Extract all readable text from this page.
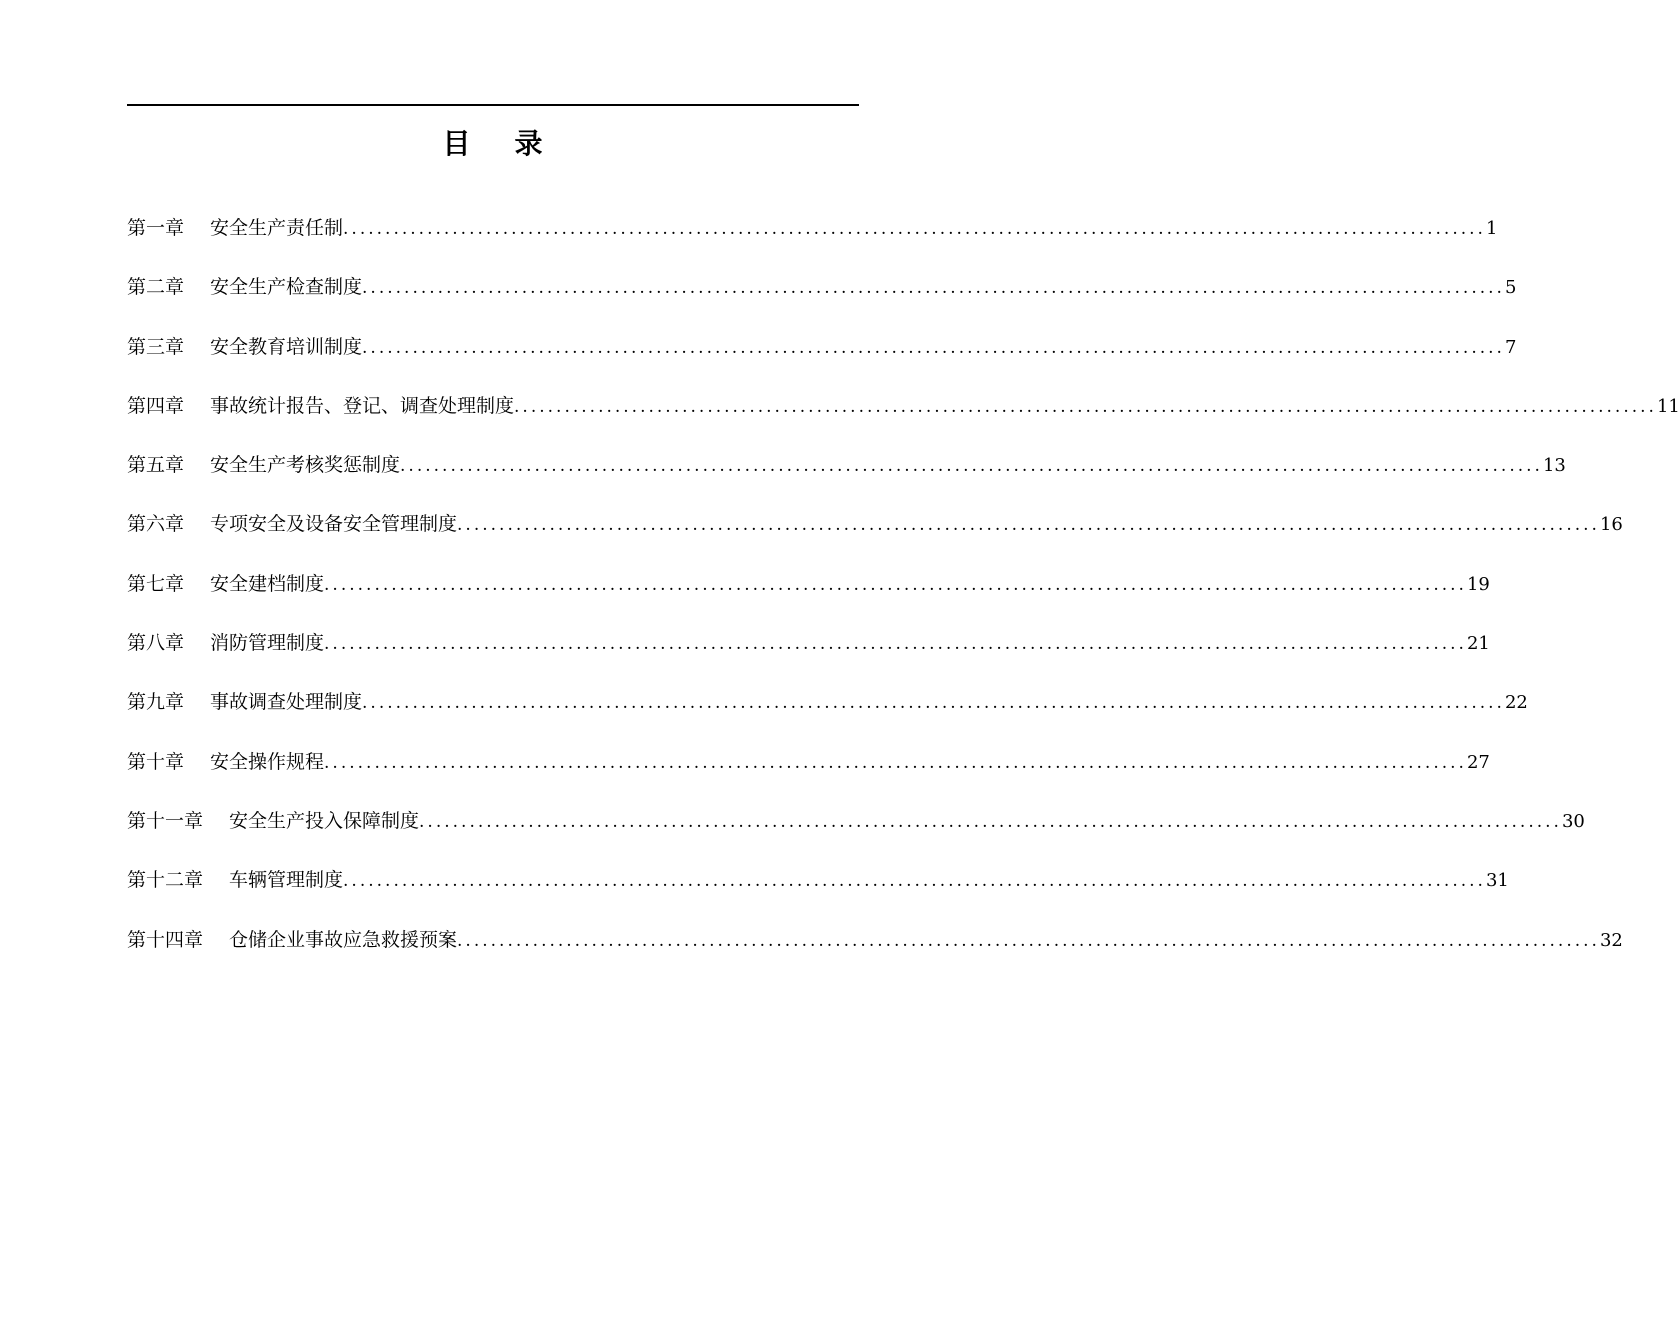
目    录
第一章 安全生产责任制 ........................................................................................................................................ 1
第二章 安全生产检查制度 ........................................................................................................................................ 5
第三章 安全教育培训制度 ........................................................................................................................................ 7
第四章 事故统计报告、登记、调查处理制度 ........................................................................................................................................ 11
第五章 安全生产考核奖惩制度 ........................................................................................................................................ 13
第六章 专项安全及设备安全管理制度 ........................................................................................................................................ 16
第七章 安全建档制度 ........................................................................................................................................ 19
第八章 消防管理制度 ........................................................................................................................................ 21
第九章 事故调查处理制度 ........................................................................................................................................ 22
第十章 安全操作规程 ........................................................................................................................................ 27
第十一章 安全生产投入保障制度 ........................................................................................................................................ 30
第十二章 车辆管理制度 ........................................................................................................................................ 31
第十四章 仓储企业事故应急救援预案 ........................................................................................................................................ 32
